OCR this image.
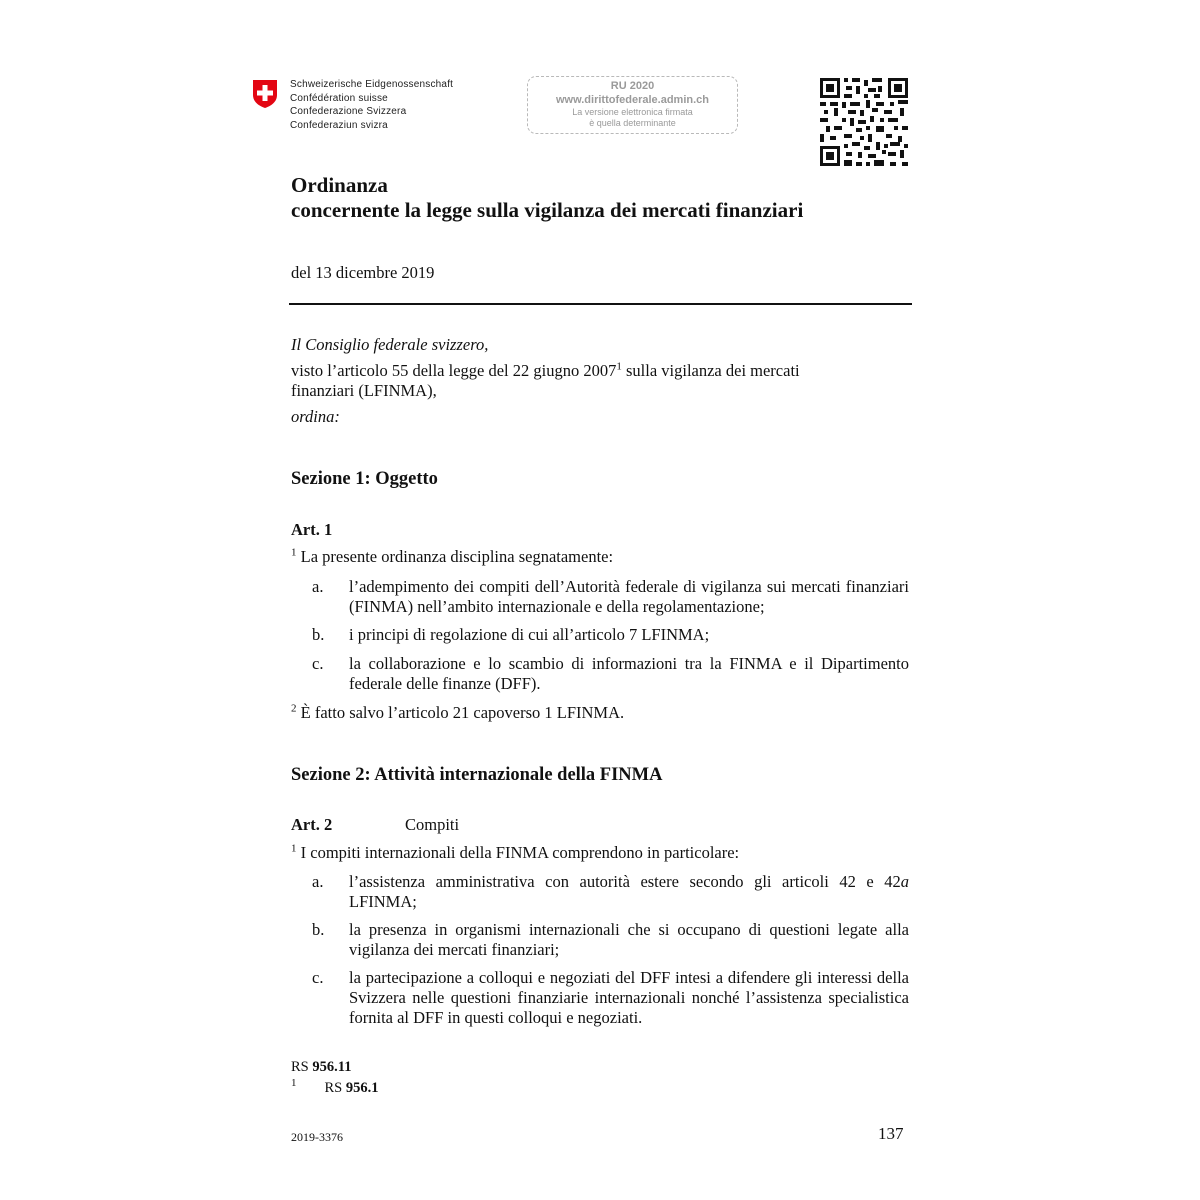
Schweizerische Eidgenossenschaft
Confédération suisse
Confederazione Svizzera
Confederaziun svizra
RU 2020
www.dirittofederale.admin.ch
La versione elettronica firmata
è quella determinante
Ordinanza
concernente la legge sulla vigilanza dei mercati finanziari
del 13 dicembre 2019
Il Consiglio federale svizzero,
visto l’articolo 55 della legge del 22 giugno 2007$^1$ sulla vigilanza dei mercati
finanziari (LFINMA),
ordina:
Sezione 1: Oggetto
Art. 1
$^1$ La presente ordinanza disciplina segnatamente:
a. l’adempimento dei compiti dell’Autorità federale di vigilanza sui mercati finanziari (FINMA) nell’ambito internazionale e della regolamentazione;
b. i principi di regolazione di cui all’articolo 7 LFINMA;
c. la collaborazione e lo scambio di informazioni tra la FINMA e il Dipartimento federale delle finanze (DFF).
$^2$ È fatto salvo l’articolo 21 capoverso 1 LFINMA.
Sezione 2: Attività internazionale della FINMA
Art. 2	Compiti
$^1$ I compiti internazionali della FINMA comprendono in particolare:
a. l’assistenza amministrativa con autorità estere secondo gli articoli 42 e 42a LFINMA;
b. la presenza in organismi internazionali che si occupano di questioni legate alla vigilanza dei mercati finanziari;
c. la partecipazione a colloqui e negoziati del DFF intesi a difendere gli interessi della Svizzera nelle questioni finanziarie internazionali nonché l’assistenza specialistica fornita al DFF in questi colloqui e negoziati.
RS 956.11
$^1$ RS 956.1
2019-3376	137
